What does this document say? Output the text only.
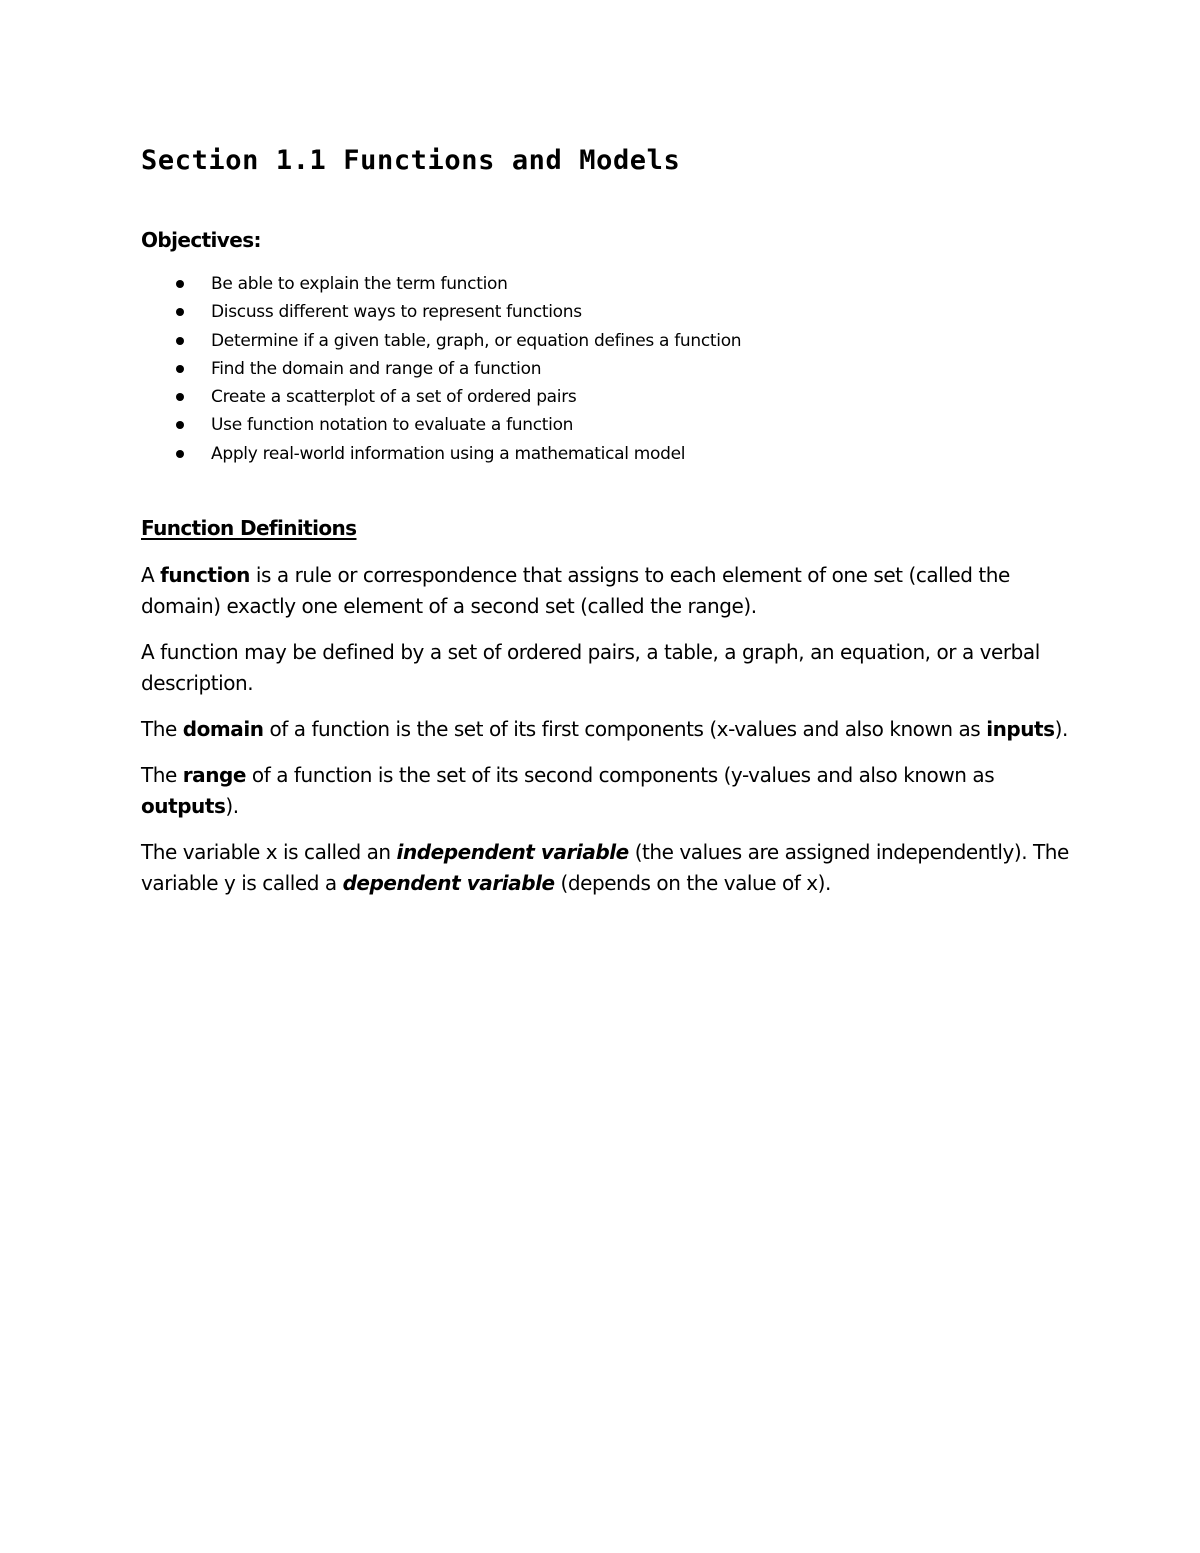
Section 1.1 Functions and Models
Objectives:
Be able to explain the term function
Discuss different ways to represent functions
Determine if a given table, graph, or equation defines a function
Find the domain and range of a function
Create a scatterplot of a set of ordered pairs
Use function notation to evaluate a function
Apply real-world information using a mathematical model
Function Definitions

A function is a rule or correspondence that assigns to each element of one set (called the domain) exactly one element of a second set (called the range).

A function may be defined by a set of ordered pairs, a table, a graph, an equation, or a verbal description.

The domain of a function is the set of its first components (x-values and also known as inputs).

The range of a function is the set of its second components (y-values and also known as outputs).

The variable x is called an independent variable (the values are assigned independently). The variable y is called a dependent variable (depends on the value of x).
